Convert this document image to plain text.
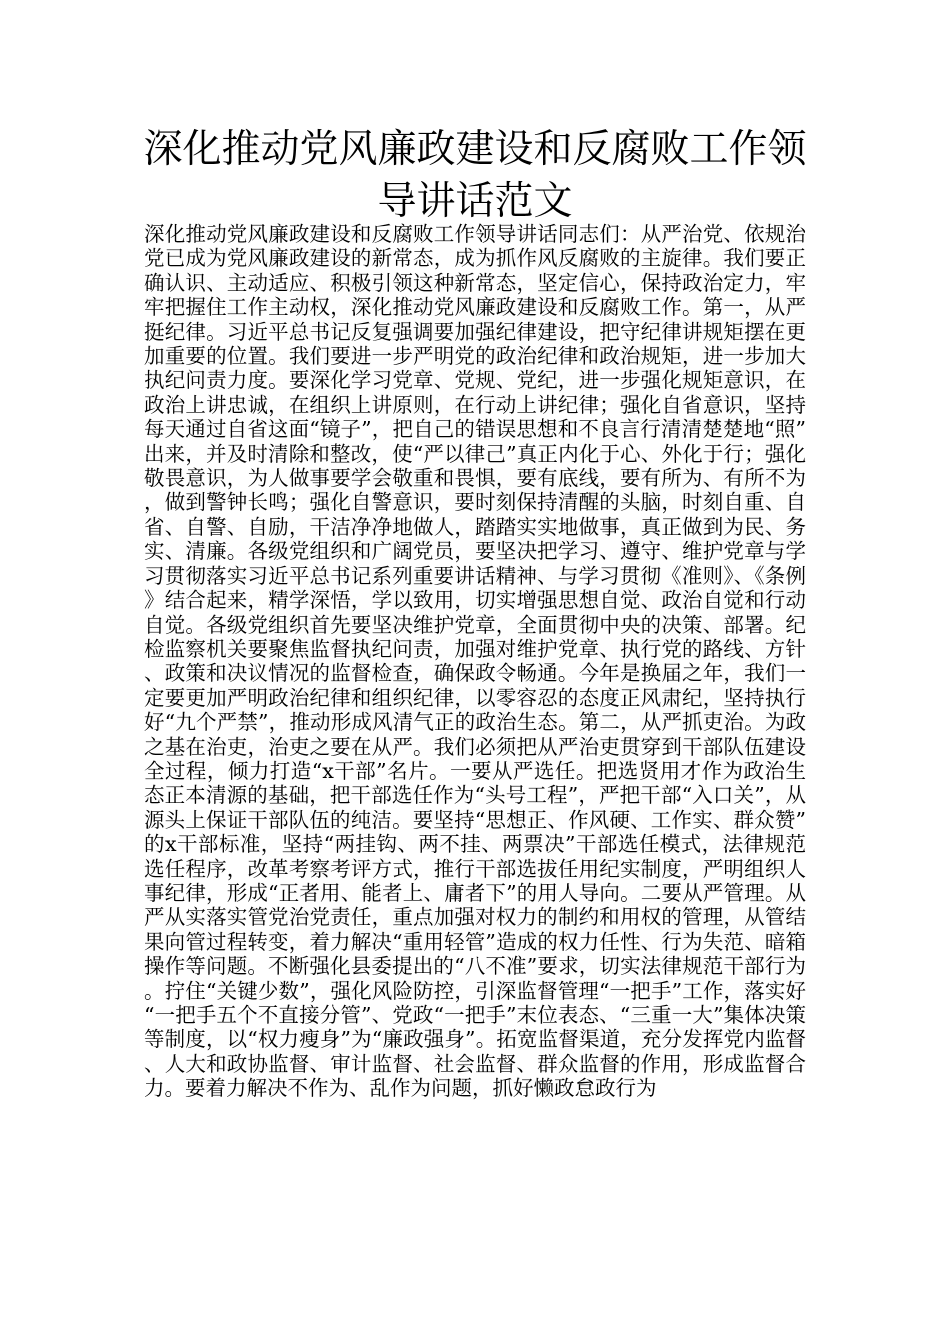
深化推动党风廉政建设和反腐败工作领导讲话范文

深化推动党风廉政建设和反腐败工作领导讲话同志们：从严治党、依规治党已成为党风廉政建设的新常态，成为抓作风反腐败的主旋律。我们要正确认识、主动适应、积极引领这种新常态，坚定信心，保持政治定力，牢牢把握住工作主动权，深化推动党风廉政建设和反腐败工作。第一，从严挺纪律。习近平总书记反复强调要加强纪律建设，把守纪律讲规矩摆在更加重要的位置。我们要进一步严明党的政治纪律和政治规矩，进一步加大执纪问责力度。要深化学习党章、党规、党纪，进一步强化规矩意识，在政治上讲忠诚，在组织上讲原则，在行动上讲纪律；强化自省意识，坚持每天通过自省这面“镜子”，把自己的错误思想和不良言行清清楚楚地“照”出来，并及时清除和整改，使“严以律己”真正内化于心、外化于行；强化敬畏意识，为人做事要学会敬重和畏惧，要有底线，要有所为、有所不为，做到警钟长鸣；强化自警意识，要时刻保持清醒的头脑，时刻自重、自省、自警、自励，干洁净净地做人，踏踏实实地做事，真正做到为民、务实、清廉。各级党组织和广阔党员，要坚决把学习、遵守、维护党章与学习贯彻落实习近平总书记系列重要讲话精神、与学习贯彻《准则》、《条例》结合起来，精学深悟，学以致用，切实增强思想自觉、政治自觉和行动自觉。各级党组织首先要坚决维护党章，全面贯彻中央的决策、部署。纪检监察机关要聚焦监督执纪问责，加强对维护党章、执行党的路线、方针、政策和决议情况的监督检查，确保政令畅通。今年是换届之年，我们一定要更加严明政治纪律和组织纪律，以零容忍的态度正风肃纪，坚持执行好“九个严禁”，推动形成风清气正的政治生态。第二，从严抓吏治。为政之基在治吏，治吏之要在从严。我们必须把从严治吏贯穿到干部队伍建设全过程，倾力打造“x干部”名片。一要从严选任。把选贤用才作为政治生态正本清源的基础，把干部选任作为“头号工程”，严把干部“入口关”，从源头上保证干部队伍的纯洁。要坚持“思想正、作风硬、工作实、群众赞”的x干部标准，坚持“两挂钩、两不挂、两票决”干部选任模式，法律规范选任程序，改革考察考评方式，推行干部选拔任用纪实制度，严明组织人事纪律，形成“正者用、能者上、庸者下”的用人导向。二要从严管理。从严从实落实管党治党责任，重点加强对权力的制约和用权的管理，从管结果向管过程转变，着力解决“重用轻管”造成的权力任性、行为失范、暗箱操作等问题。不断强化县委提出的“八不准”要求，切实法律规范干部行为。拧住“关键少数”，强化风险防控，引深监督管理“一把手”工作，落实好“一把手五个不直接分管”、党政“一把手”末位表态、“三重一大”集体决策等制度，以“权力瘦身”为“廉政强身”。拓宽监督渠道，充分发挥党内监督、人大和政协监督、审计监督、社会监督、群众监督的作用，形成监督合力。要着力解决不作为、乱作为问题，抓好懒政怠政行为
